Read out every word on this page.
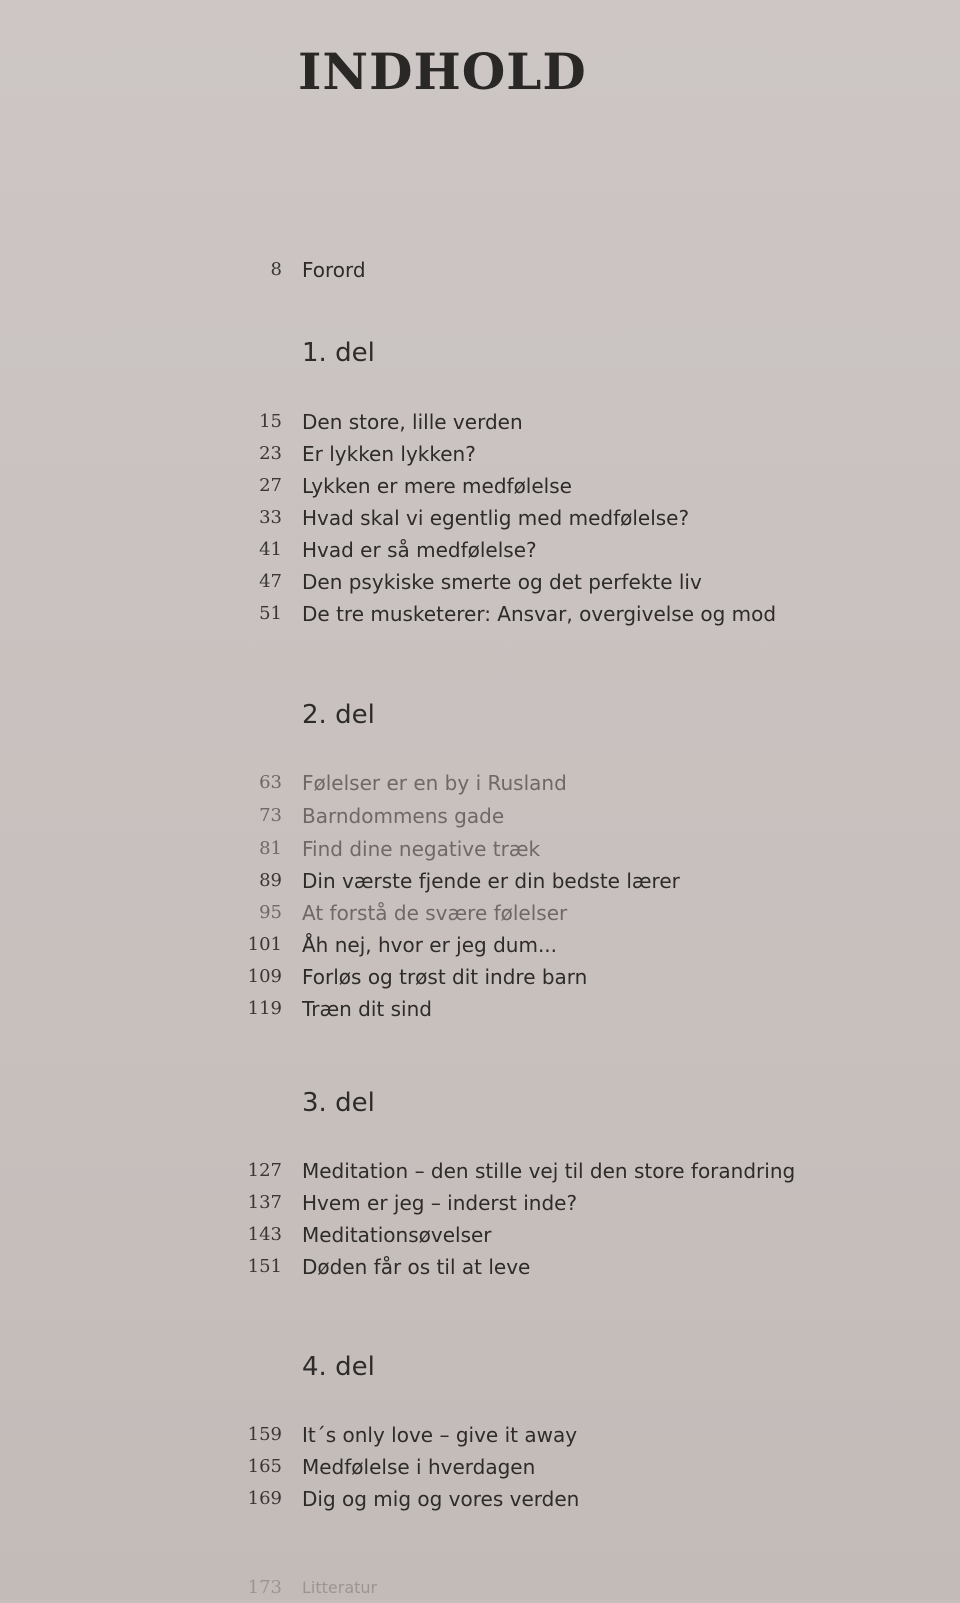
INDHOLD
8 Forord
1. del
15 Den store, lille verden
23 Er lykken lykken?
27 Lykken er mere medfølelse
33 Hvad skal vi egentlig med medfølelse?
41 Hvad er så medfølelse?
47 Den psykiske smerte og det perfekte liv
51 De tre musketerer: Ansvar, overgivelse og mod
2. del
63 Følelser er en by i Rusland
73 Barndommens gade
81 Find dine negative træk
89 Din værste fjende er din bedste lærer
95 At forstå de svære følelser
101 Åh nej, hvor er jeg dum...
109 Forløs og trøst dit indre barn
119 Træn dit sind
3. del
127 Meditation – den stille vej til den store forandring
137 Hvem er jeg – inderst inde?
143 Meditationsøvelser
151 Døden får os til at leve
4. del
159 It´s only love – give it away
165 Medfølelse i hverdagen
169 Dig og mig og vores verden
173 Litteratur
